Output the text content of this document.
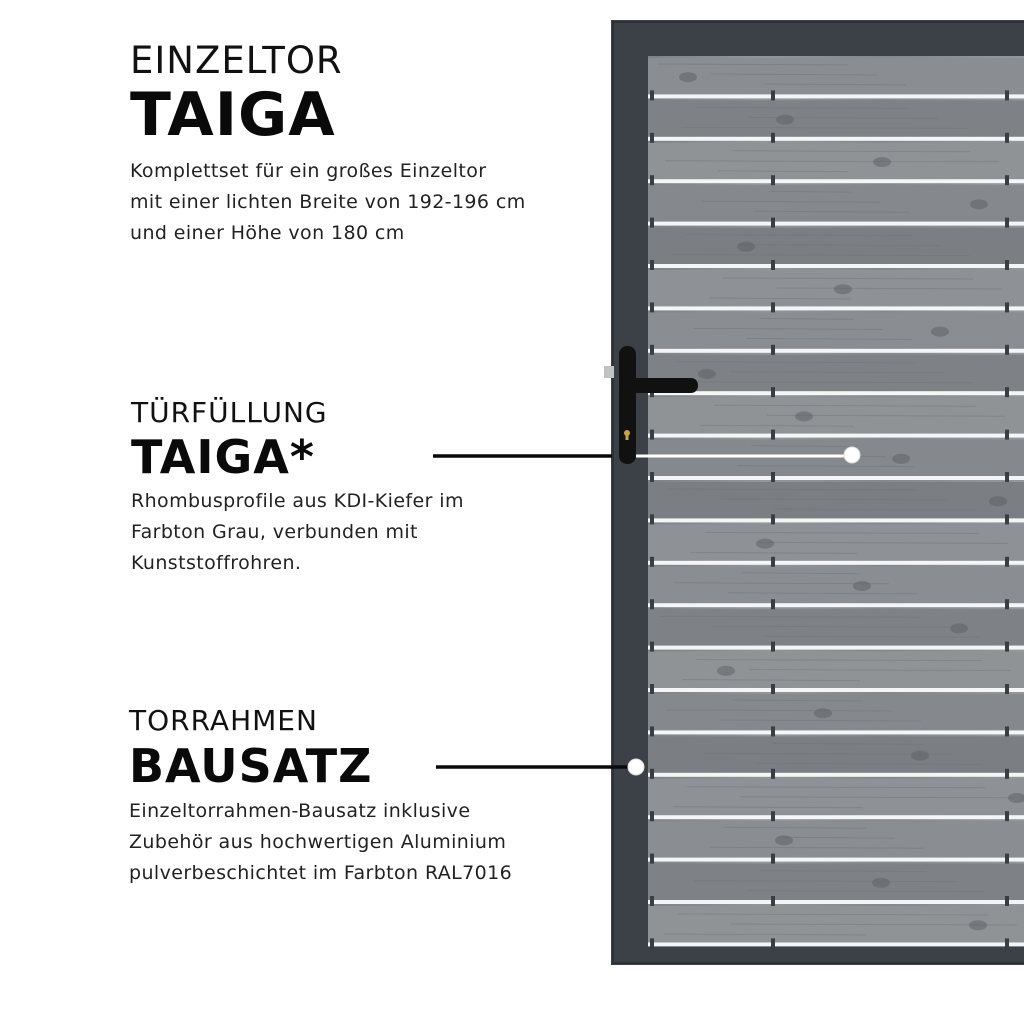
EINZELTOR
TAIGA
Komplettset für ein großes Einzeltor
mit einer lichten Breite von 192-196 cm
und einer Höhe von 180 cm
TÜRFÜLLUNG
TAIGA*
Rhombusprofile aus KDI-Kiefer im
Farbton Grau, verbunden mit
Kunststoffrohren.
TORRAHMEN
BAUSATZ
Einzeltorrahmen-Bausatz inklusive
Zubehör aus hochwertigen Aluminium
pulverbeschichtet im Farbton RAL7016
